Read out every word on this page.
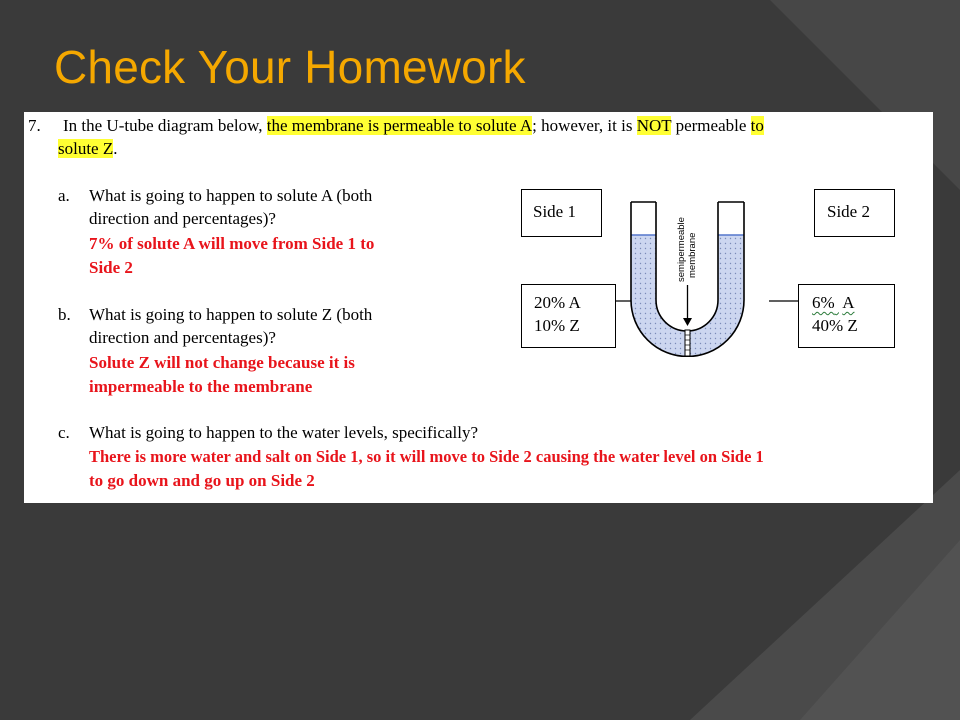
Check Your Homework
7. In the U-tube diagram below, the membrane is permeable to solute A; however, it is NOT permeable to
solute Z.
a. What is going to happen to solute A (both
direction and percentages)?
7% of solute A will move from Side 1 to
Side 2
b. What is going to happen to solute Z (both
direction and percentages)?
Solute Z will not change because it is
impermeable to the membrane
c. What is going to happen to the water levels, specifically?
There is more water and salt on Side 1, so it will move to Side 2 causing the water level on Side 1
to go down and go up on Side 2
Side 1	Side 2
20% A
10% Z
6% A
40% Z
semipermeable membrane
